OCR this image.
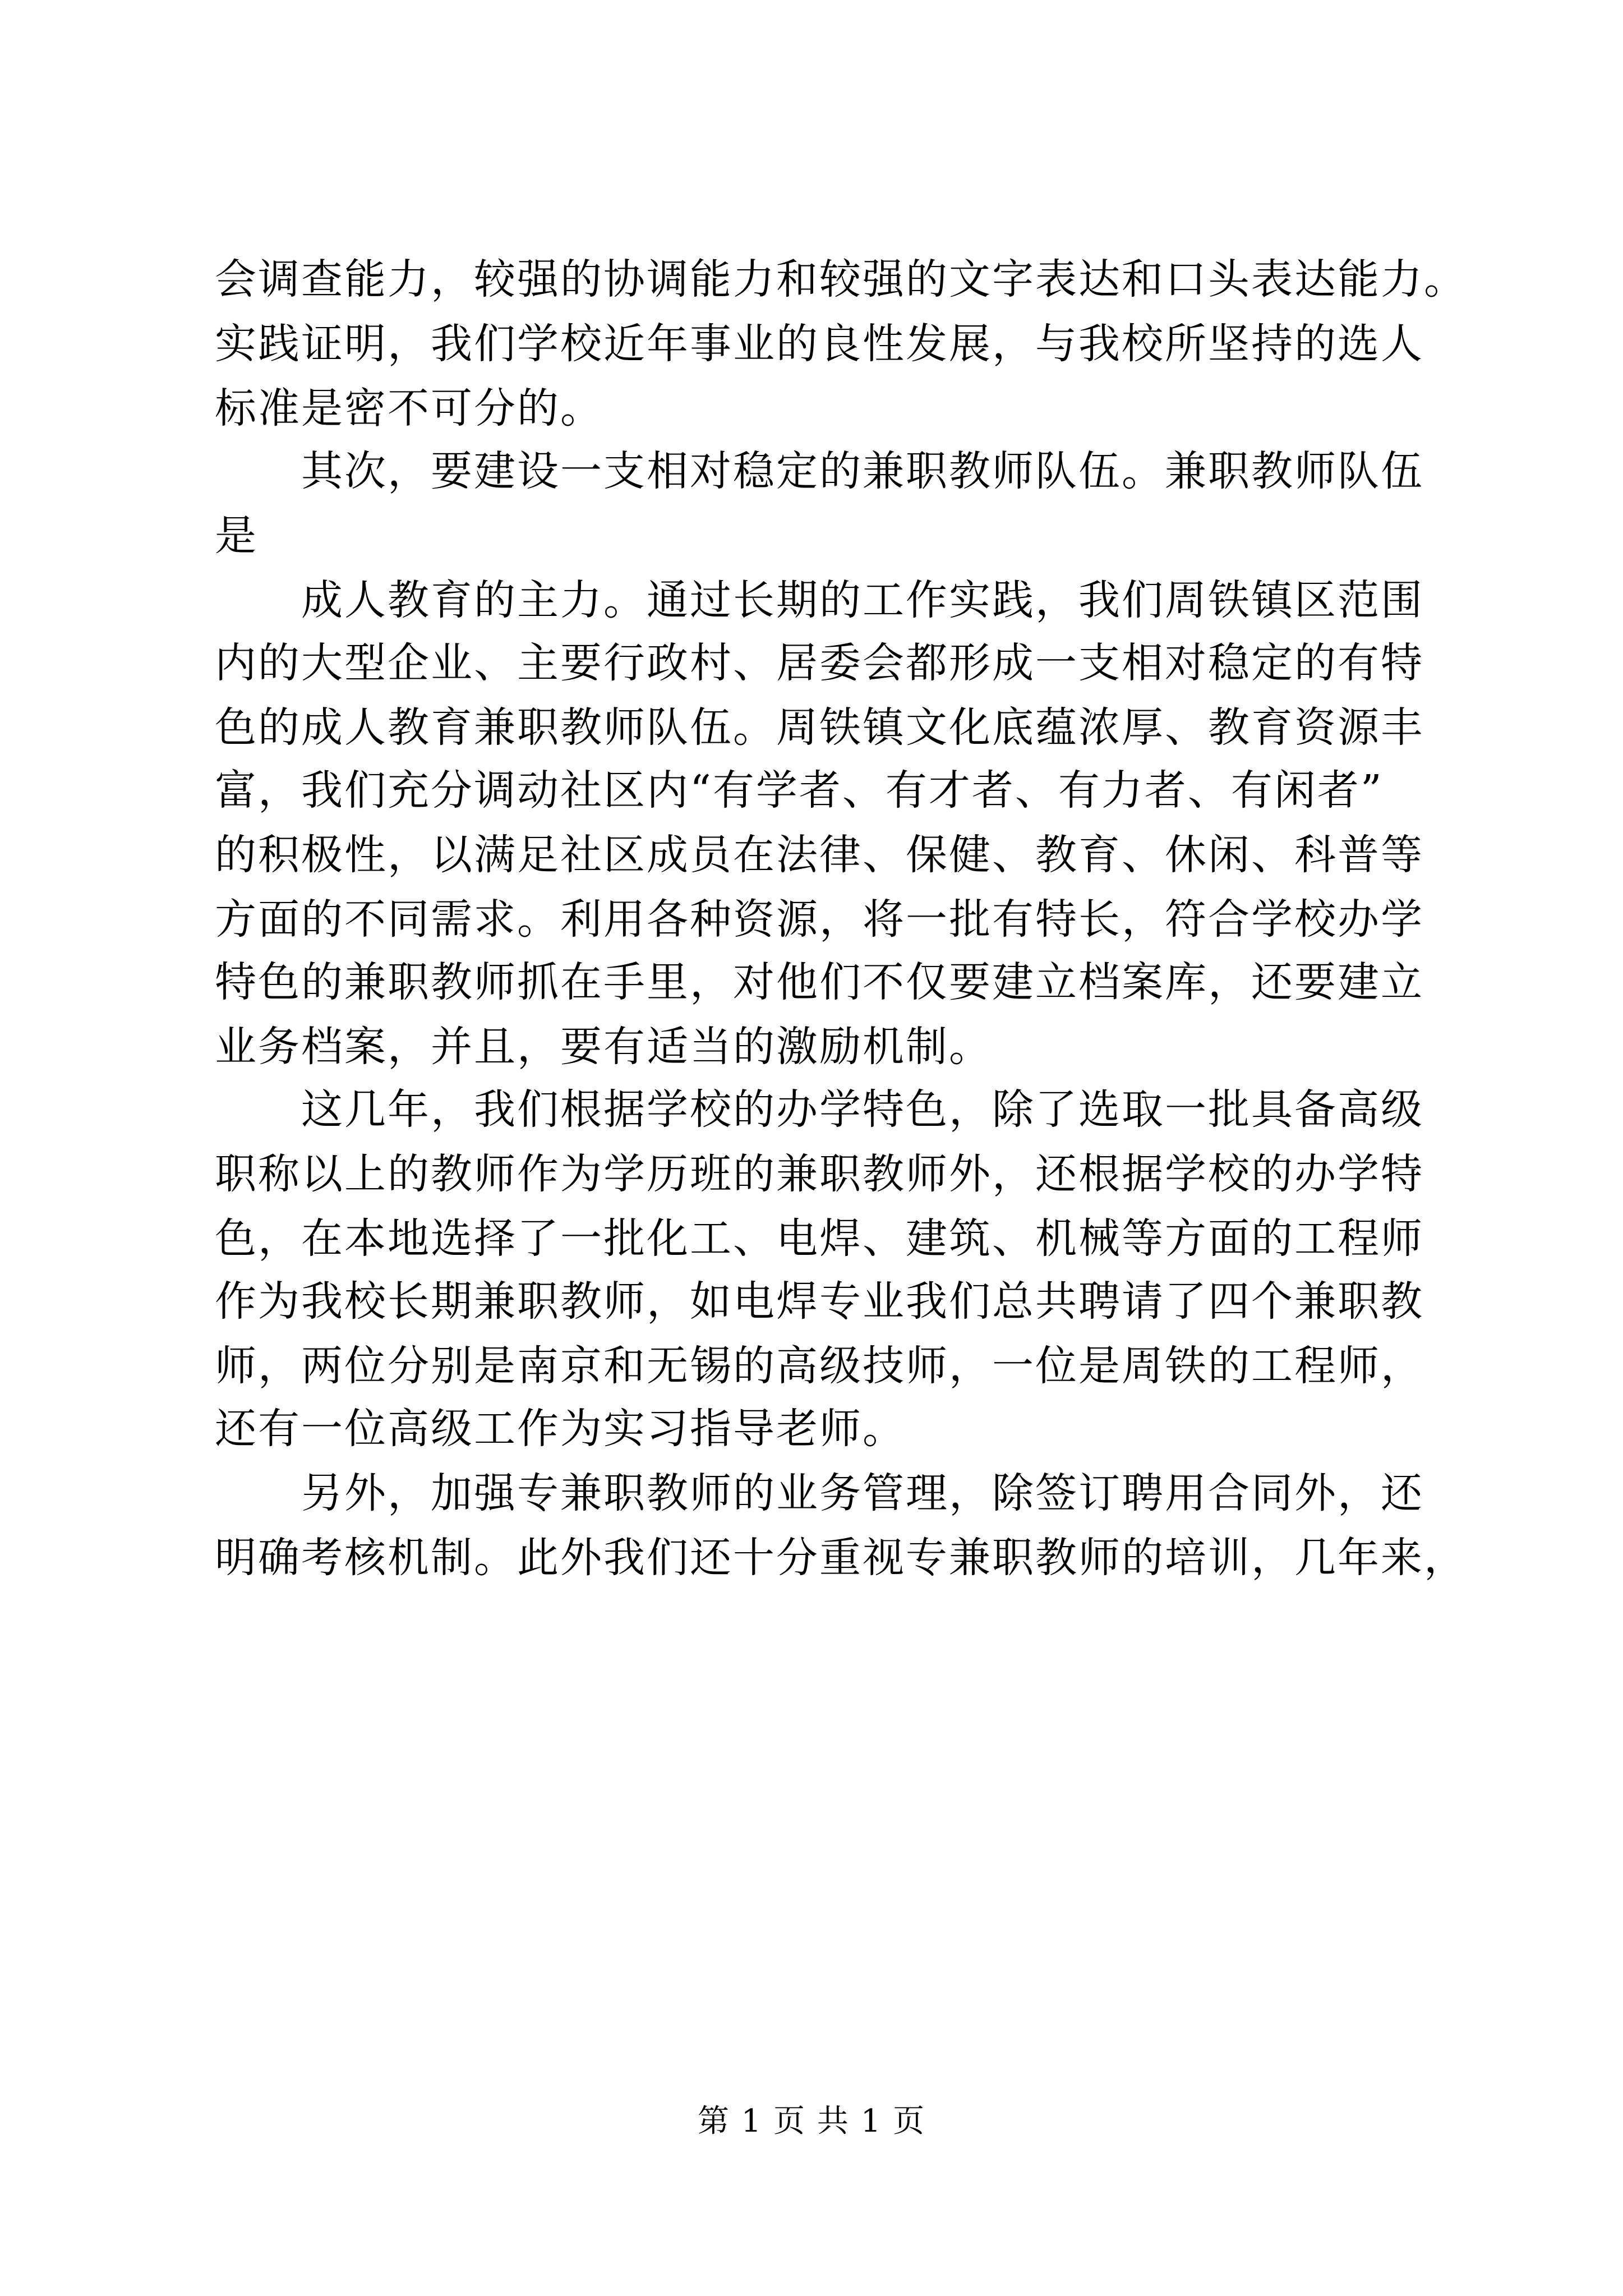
会调查能力，较强的协调能力和较强的文字表达和口头表达能力。
实践证明，我们学校近年事业的良性发展，与我校所坚持的选人
标准是密不可分的。
　　其次，要建设一支相对稳定的兼职教师队伍。兼职教师队伍
是
　　成人教育的主力。通过长期的工作实践，我们周铁镇区范围
内的大型企业、主要行政村、居委会都形成一支相对稳定的有特
色的成人教育兼职教师队伍。周铁镇文化底蕴浓厚、教育资源丰
富，我们充分调动社区内“有学者、有才者、有力者、有闲者”
的积极性，以满足社区成员在法律、保健、教育、休闲、科普等
方面的不同需求。利用各种资源，将一批有特长，符合学校办学
特色的兼职教师抓在手里，对他们不仅要建立档案库，还要建立
业务档案，并且，要有适当的激励机制。
　　这几年，我们根据学校的办学特色，除了选取一批具备高级
职称以上的教师作为学历班的兼职教师外，还根据学校的办学特
色，在本地选择了一批化工、电焊、建筑、机械等方面的工程师
作为我校长期兼职教师，如电焊专业我们总共聘请了四个兼职教
师，两位分别是南京和无锡的高级技师，一位是周铁的工程师，
还有一位高级工作为实习指导老师。
　　另外，加强专兼职教师的业务管理，除签订聘用合同外，还
明确考核机制。此外我们还十分重视专兼职教师的培训，几年来，
第 1 页 共 1 页
